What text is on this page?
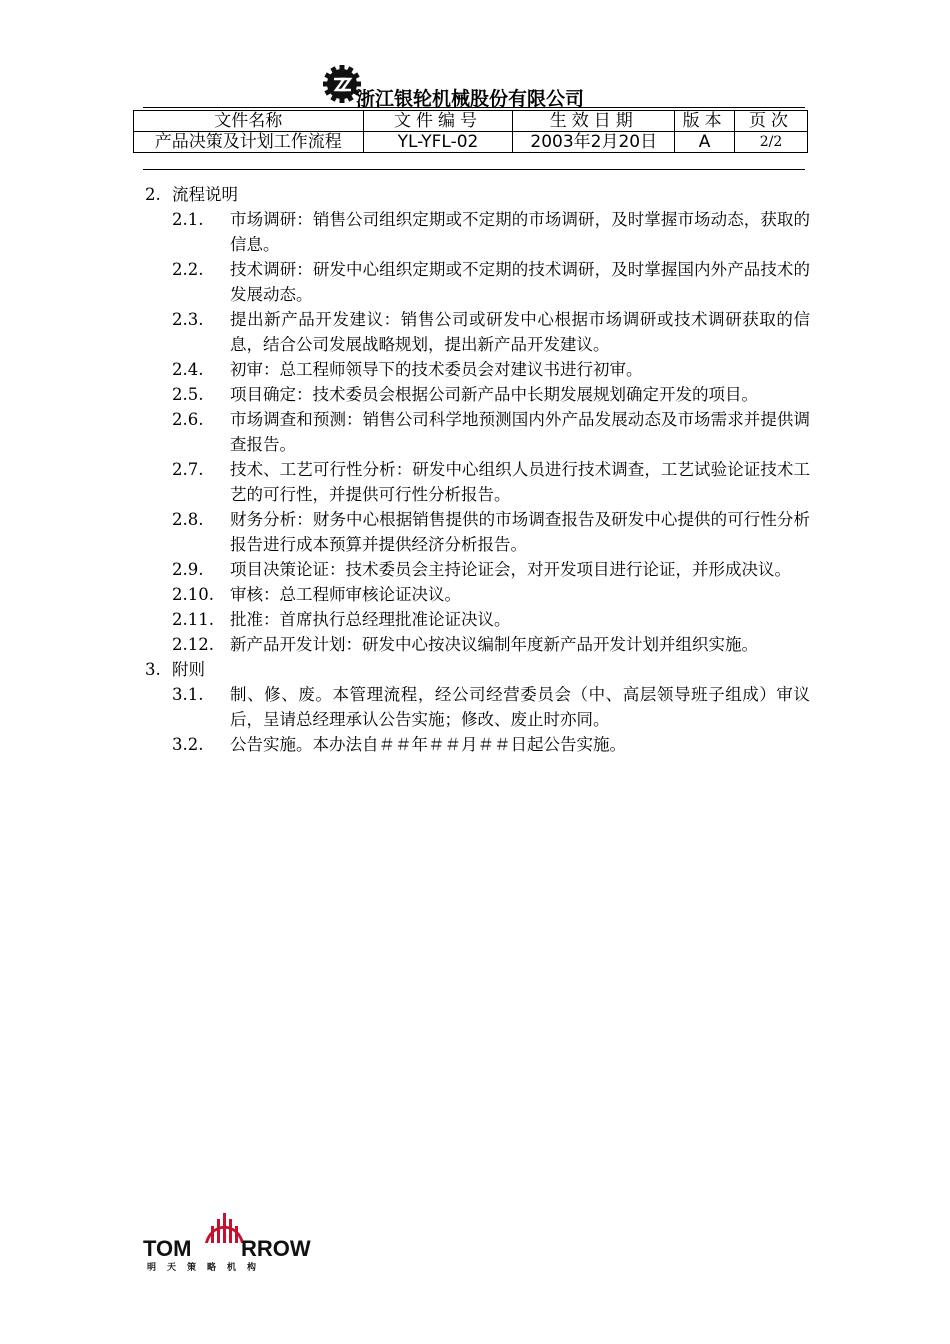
浙江银轮机械股份有限公司
文件名称	文件编号	生效日期	版本	页次
产品决策及计划工作流程	YL-YFL-02	2003年2月20日	A	2/2
2. 流程说明
2.1.	市场调研：销售公司组织定期或不定期的市场调研，及时掌握市场动态，获取的信息。
2.2.	技术调研：研发中心组织定期或不定期的技术调研，及时掌握国内外产品技术的发展动态。
2.3.	提出新产品开发建议：销售公司或研发中心根据市场调研或技术调研获取的信息，结合公司发展战略规划，提出新产品开发建议。
2.4.	初审：总工程师领导下的技术委员会对建议书进行初审。
2.5.	项目确定：技术委员会根据公司新产品中长期发展规划确定开发的项目。
2.6.	市场调查和预测：销售公司科学地预测国内外产品发展动态及市场需求并提供调查报告。
2.7.	技术、工艺可行性分析：研发中心组织人员进行技术调查，工艺试验论证技术工艺的可行性，并提供可行性分析报告。
2.8.	财务分析：财务中心根据销售提供的市场调查报告及研发中心提供的可行性分析报告进行成本预算并提供经济分析报告。
2.9.	项目决策论证：技术委员会主持论证会，对开发项目进行论证，并形成决议。
2.10. 审核：总工程师审核论证决议。
2.11. 批准：首席执行总经理批准论证决议。
2.12. 新产品开发计划：研发中心按决议编制年度新产品开发计划并组织实施。
3. 附则
3.1.	制、修、废。本管理流程，经公司经营委员会（中、高层领导班子组成）审议后，呈请总经理承认公告实施；修改、废止时亦同。
3.2.	公告实施。本办法自＃＃年＃＃月＃＃日起公告实施。
TOM RROW
明天策略机构
